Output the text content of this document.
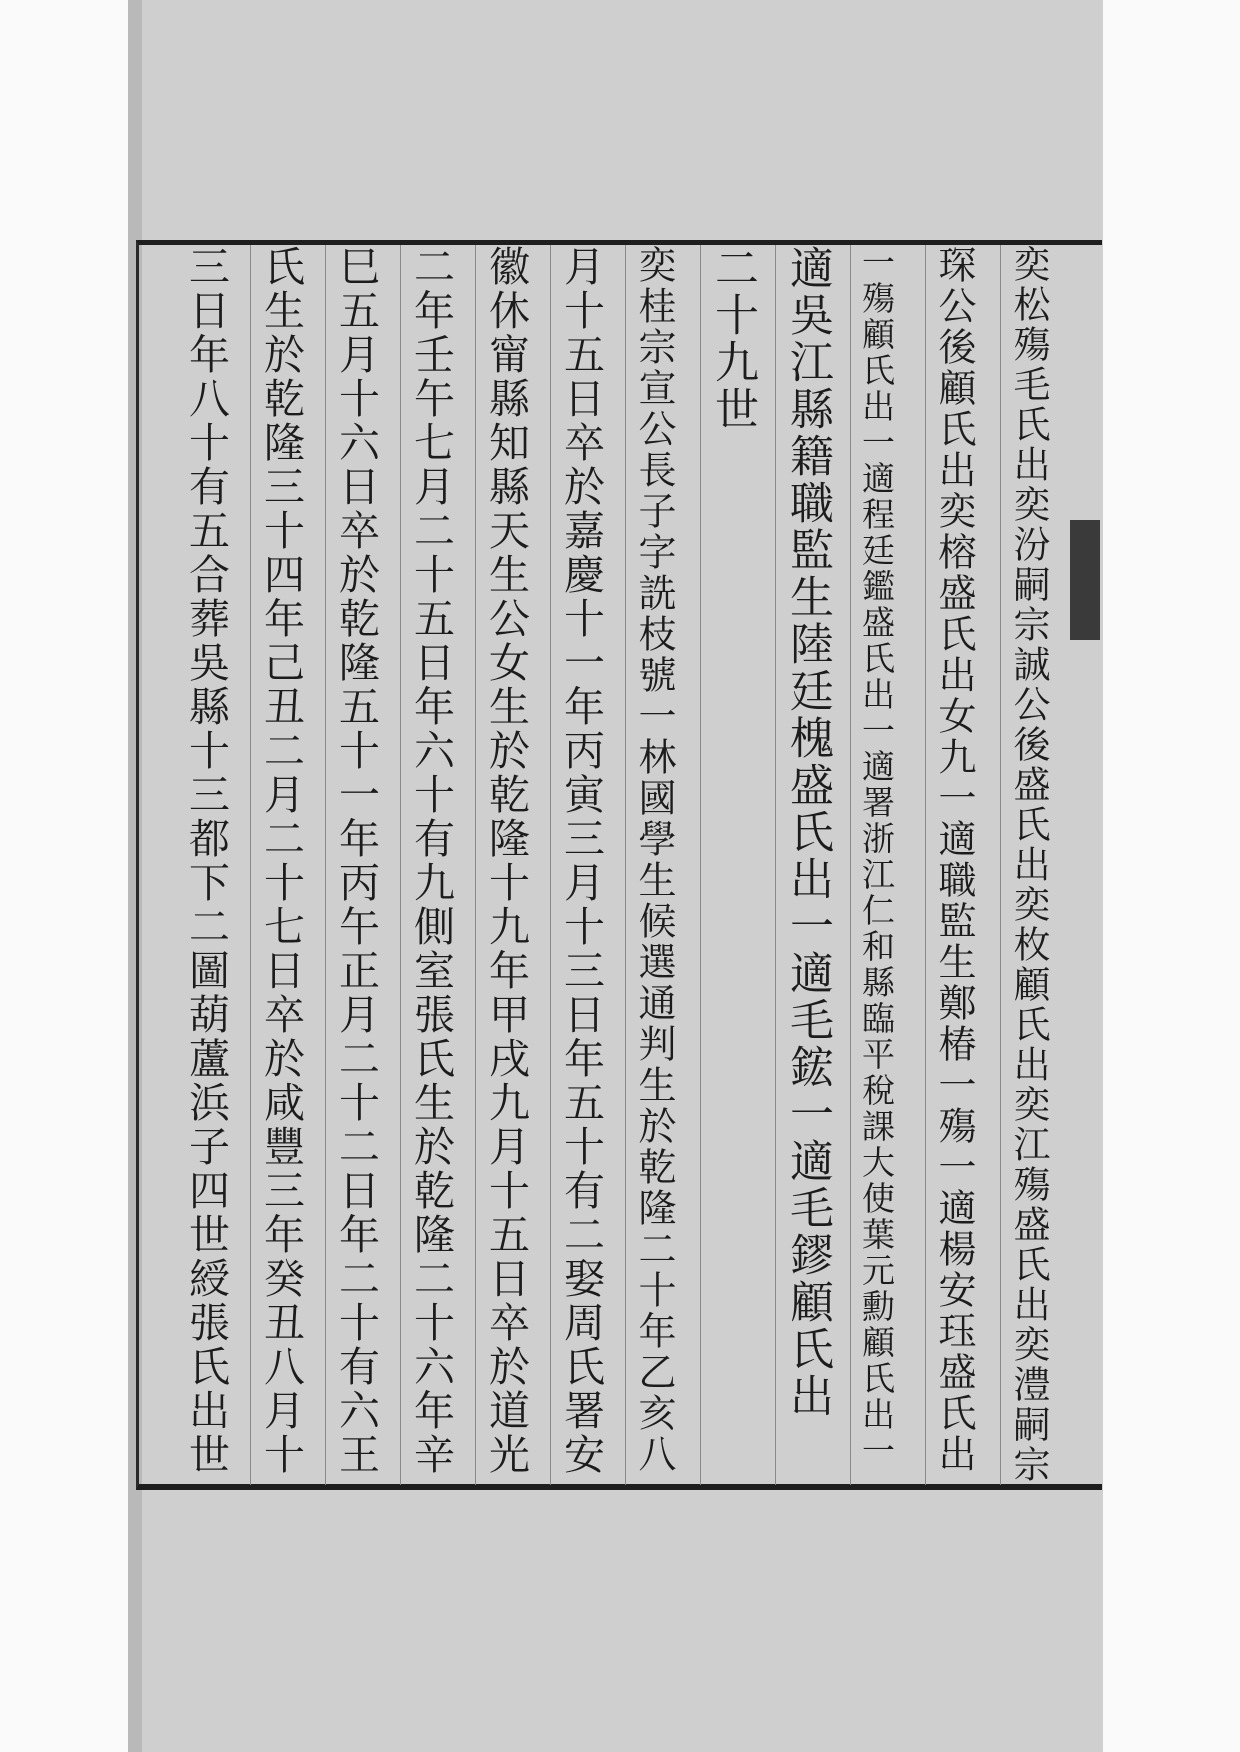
奕松殤毛氏出奕汾嗣宗誠公後盛氏出奕枚顧氏出奕江殤盛氏出奕澧嗣宗
琛公後顧氏出奕榕盛氏出女九一適職監生鄭椿一殤一適楊安珏盛氏出
一殤顧氏出一適程廷鑑盛氏出一適署浙江仁和縣臨平稅課大使葉元勳顧氏出一
適吳江縣籍職監生陸廷槐盛氏出一適毛鋐一適毛鏐顧氏出
二十九世
奕桂宗宣公長子字詵枝號一林國學生候選通判生於乾隆二十年乙亥八
月十五日卒於嘉慶十一年丙寅三月十三日年五十有二娶周氏署安
徽休甯縣知縣天生公女生於乾隆十九年甲戌九月十五日卒於道光
二年壬午七月二十五日年六十有九側室張氏生於乾隆二十六年辛
巳五月十六日卒於乾隆五十一年丙午正月二十二日年二十有六王
氏生於乾隆三十四年己丑二月二十七日卒於咸豐三年癸丑八月十
三日年八十有五合葬吳縣十三都下二圖葫蘆浜子四世綬張氏出世
